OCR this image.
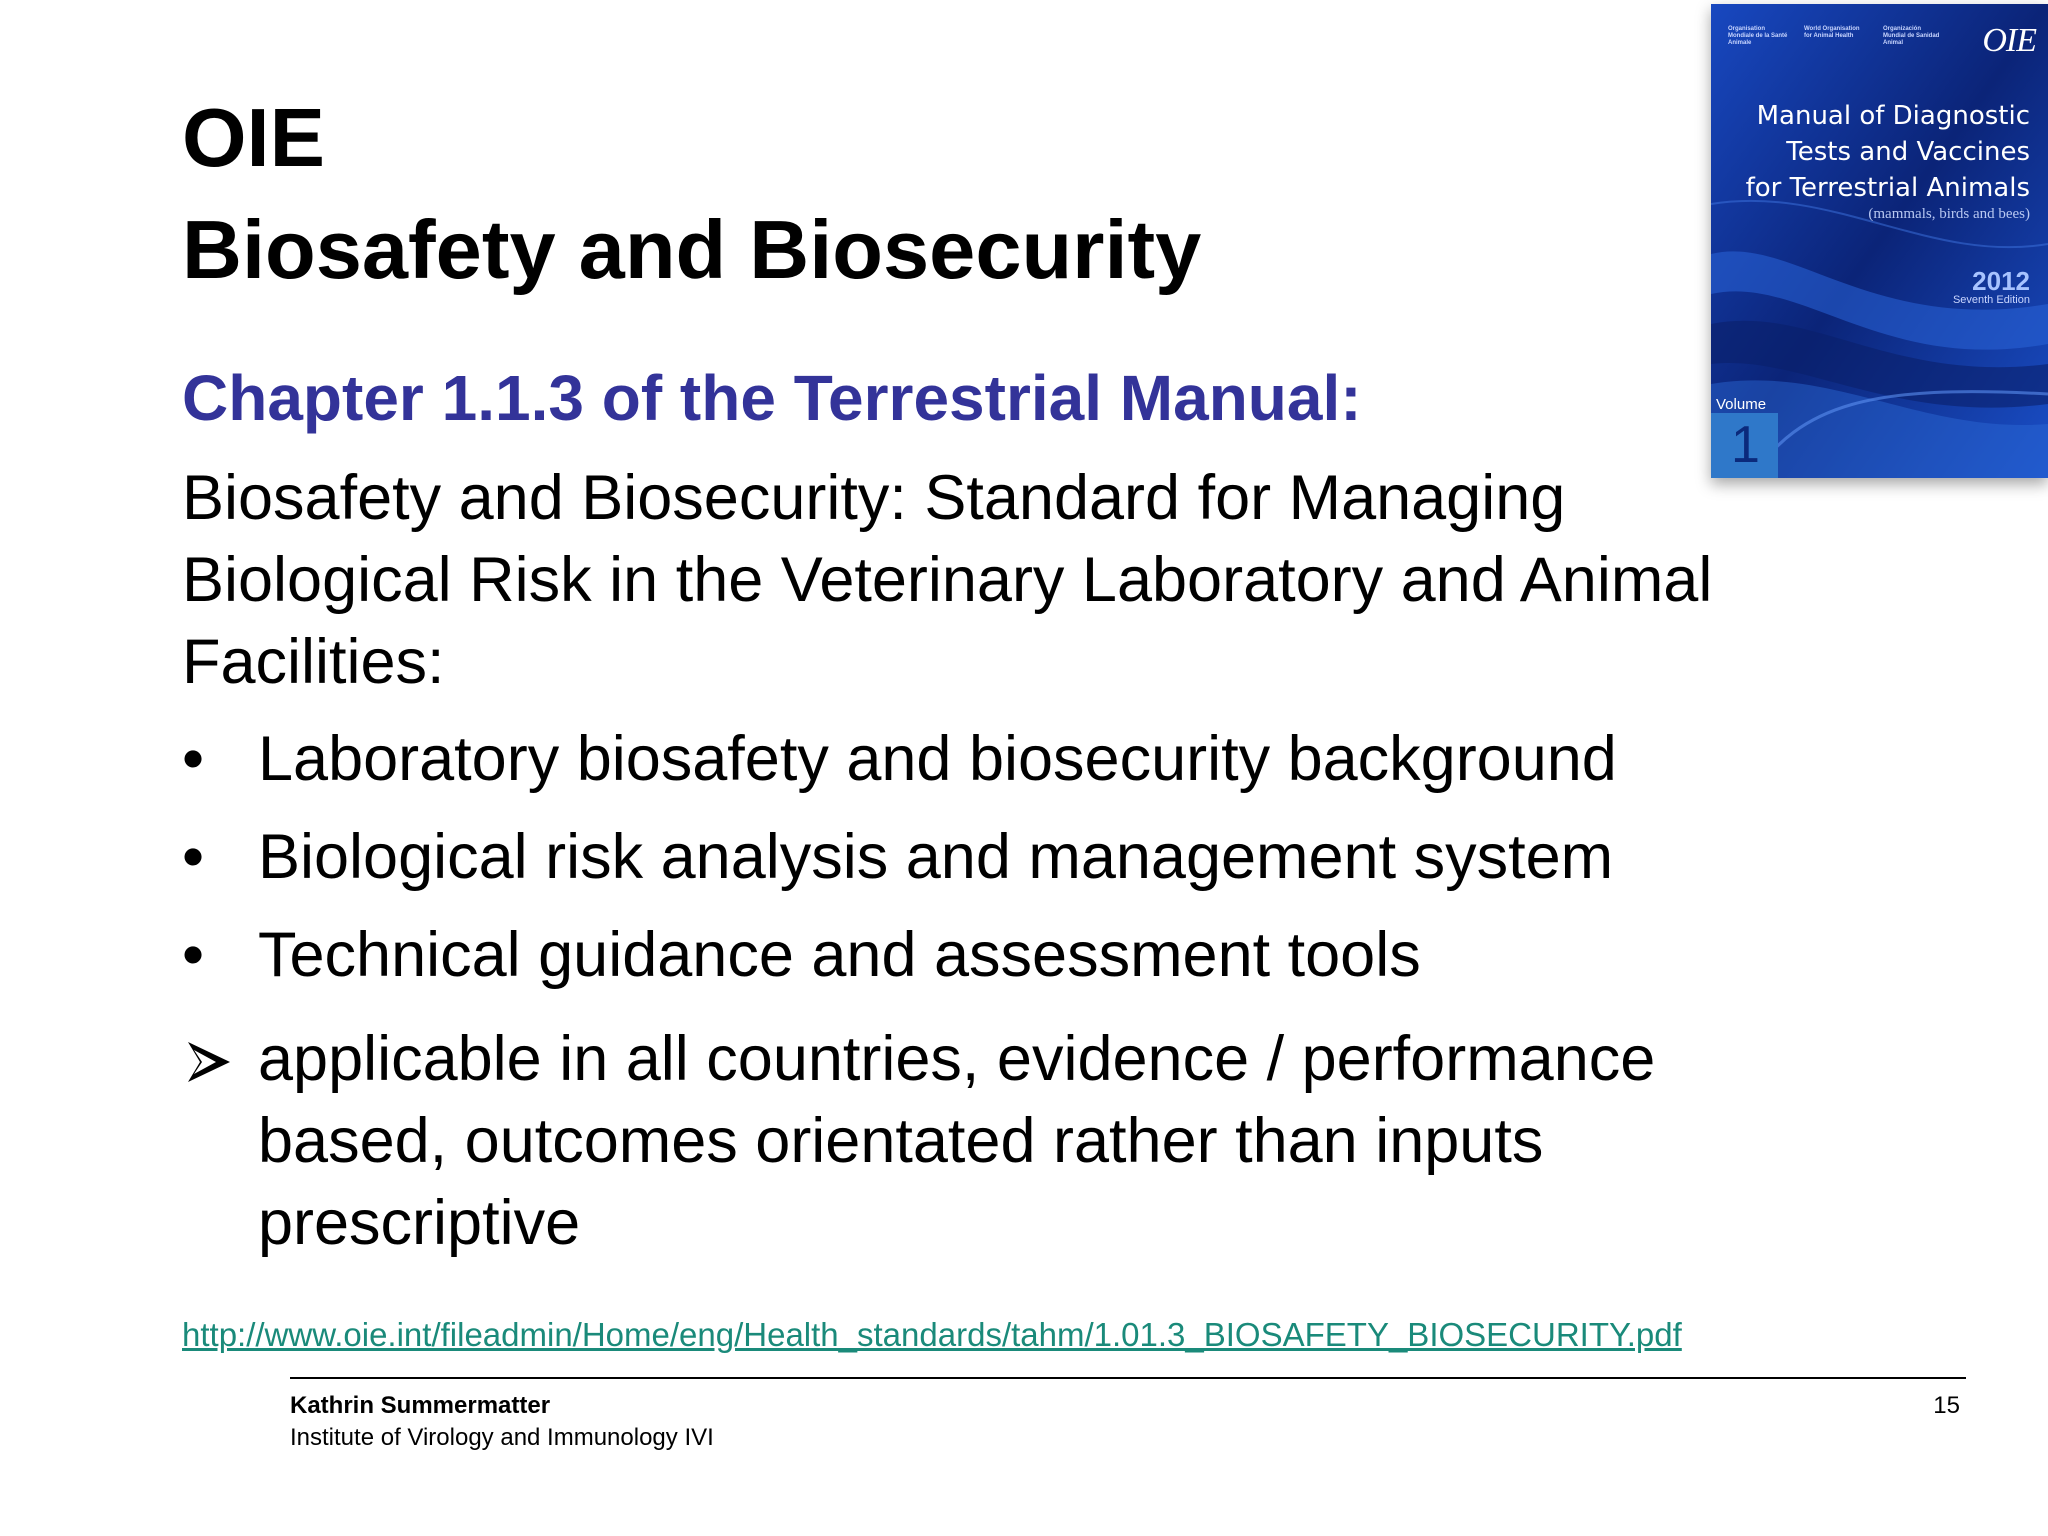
OIE
Biosafety and Biosecurity
Chapter 1.1.3 of the Terrestrial Manual:

Biosafety and Biosecurity: Standard for Managing
Biological Risk in the Veterinary Laboratory and Animal
Facilities:

• Laboratory biosafety and biosecurity background
• Biological risk analysis and management system
• Technical guidance and assessment tools
applicable in all countries, evidence / performance
based, outcomes orientated rather than inputs
prescriptive
http://www.oie.int/fileadmin/Home/eng/Health_standards/tahm/1.01.3_BIOSAFETY_BIOSECURITY.pdf
Kathrin Summermatter
Institute of Virology and Immunology IVI
15
Organisation Mondiale de la Santé Animale
World Organisation for Animal Health
Organización Mundial de Sanidad Animal	OIE
Manual of Diagnostic
Tests and Vaccines
for Terrestrial Animals
(mammals, birds and bees)
2012
Seventh Edition
Volume
1
